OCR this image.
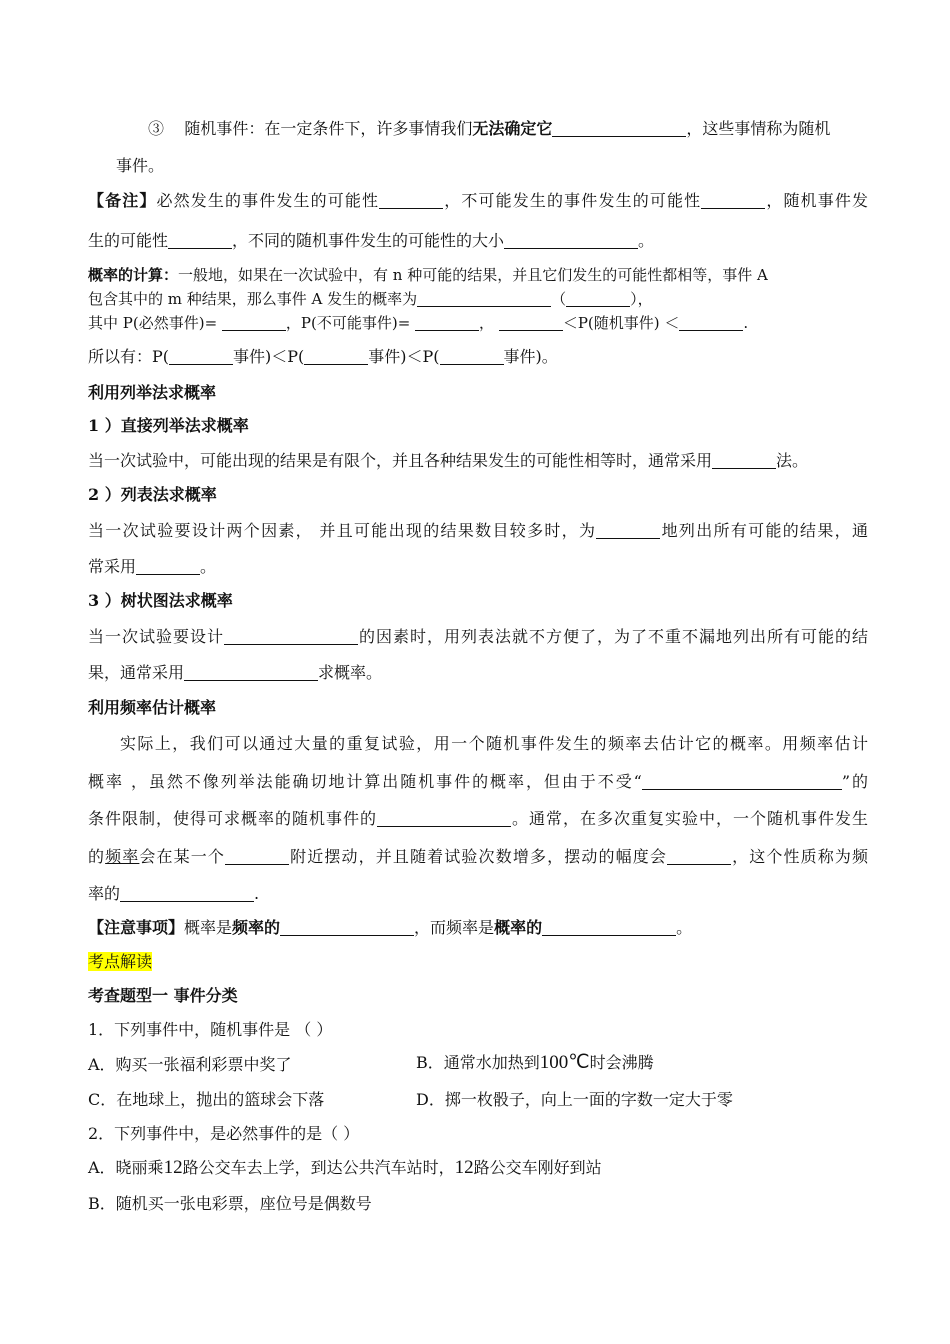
③ 随机事件：在一定条件下，许多事情我们无法确定它	，这些事情称为随机
事件。
【备注】必然发生的事件发生的可能性	，不可能发生的事件发生的可能性	，随机事件发
生的可能性	，不同的随机事件发生的可能性的大小	。
概率的计算：一般地，如果在一次试验中，有 n 种可能的结果，并且它们发生的可能性都相等，事件 A
包含其中的 m 种结果，那么事件 A 发生的概率为	（	），
其中 P(必然事件)=	，P(不可能事件)=	，	＜P(随机事件) ＜	.
所以有：P(	事件)＜P(	事件)＜P(	事件)。
利用列举法求概率
1 ）直接列举法求概率
当一次试验中，可能出现的结果是有限个，并且各种结果发生的可能性相等时，通常采用	法。
2 ）列表法求概率
当一次试验要设计两个因素， 并且可能出现的结果数目较多时，为	地列出所有可能的结果，通
常采用	。
3 ）树状图法求概率
当一次试验要设计	的因素时，用列表法就不方便了，为了不重不漏地列出所有可能的结
果，通常采用	求概率。
利用频率估计概率
实际上，我们可以通过大量的重复试验，用一个随机事件发生的频率去估计它的概率。用频率估计
概率 ，虽然不像列举法能确切地计算出随机事件的概率，但由于不受“	”的
条件限制，使得可求概率的随机事件的	。通常，在多次重复实验中，一个随机事件发生
的频率会在某一个	附近摆动，并且随着试验次数增多，摆动的幅度会	，这个性质称为频
率的	.
【注意事项】概率是频率的	，而频率是概率的	。
考点解读
考查题型一 事件分类
1．下列事件中，随机事件是 （ ）
A．购买一张福利彩票中奖了	B．通常水加热到100℃时会沸腾
C．在地球上，抛出的篮球会下落	D．掷一枚骰子，向上一面的字数一定大于零
2．下列事件中，是必然事件的是（ ）
A．晓丽乘12路公交车去上学，到达公共汽车站时，12路公交车刚好到站
B．随机买一张电彩票，座位号是偶数号
